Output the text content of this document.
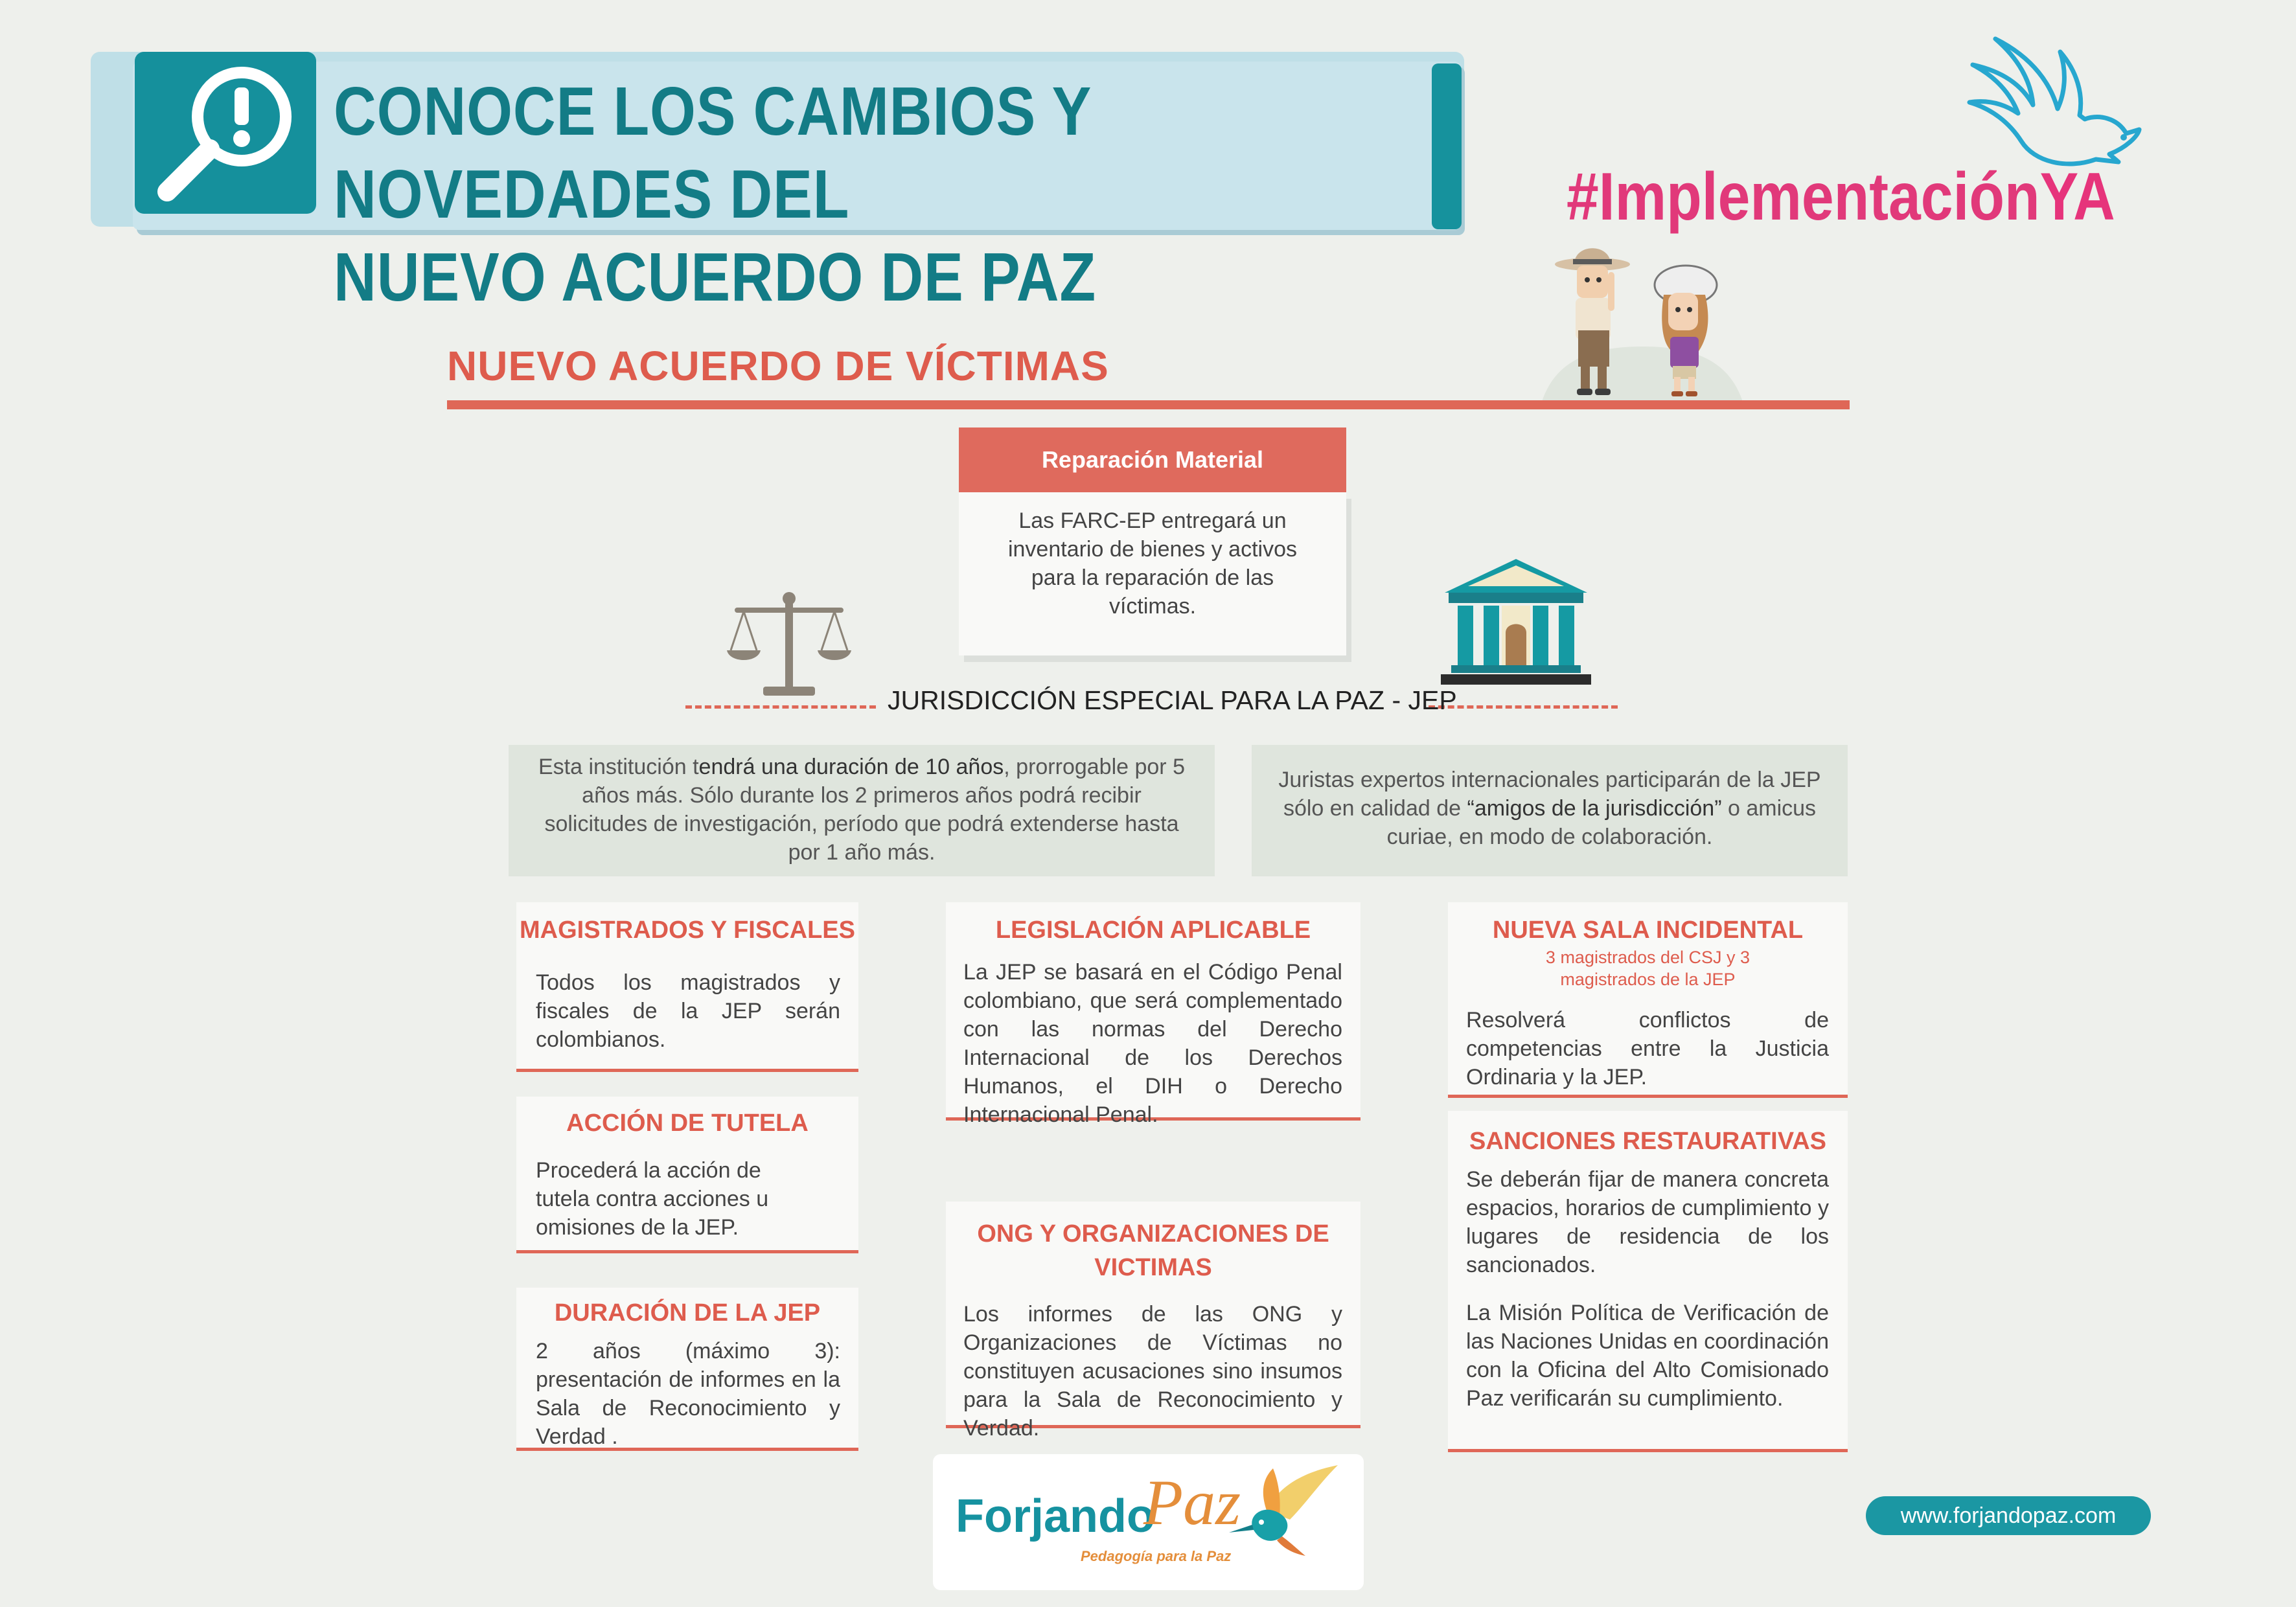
CONOCE LOS CAMBIOS Y NOVEDADES DEL
NUEVO ACUERDO DE PAZ
#ImplementaciónYA
NUEVO ACUERDO DE VÍCTIMAS
Reparación Material
Las FARC-EP entregará un inventario de bienes y activos para la reparación de las víctimas.
JURISDICCIÓN ESPECIAL PARA LA PAZ - JEP
Esta institución tendrá una duración de 10 años, prorrogable por 5 años más. Sólo durante los 2 primeros años podrá recibir solicitudes de investigación, período que podrá extenderse hasta por 1 año más.
Juristas expertos internacionales participarán de la JEP sólo en calidad de “amigos de la jurisdicción” o amicus curiae, en modo de colaboración.
MAGISTRADOS Y FISCALES
Todos los magistrados y fiscales de la JEP serán colombianos.
ACCIÓN DE TUTELA
Procederá la acción de tutela contra acciones u omisiones de la JEP.
DURACIÓN DE LA JEP
2 años (máximo 3): presentación de informes en la Sala de Reconocimiento y Verdad .
LEGISLACIÓN APLICABLE
La JEP se basará en el Código Penal colombiano, que será complementado con las normas del Derecho Internacional de los Derechos Humanos, el DIH o Derecho Internacional Penal.
ONG Y ORGANIZACIONES DE VICTIMAS
Los informes de las ONG y Organizaciones de Víctimas no constituyen acusaciones sino insumos para la Sala de Reconocimiento y Verdad.
NUEVA SALA INCIDENTAL
3 magistrados del CSJ y 3 magistrados de la JEP
Resolverá conflictos de competencias entre la Justicia Ordinaria y la JEP.
SANCIONES RESTAURATIVAS
Se deberán fijar de manera concreta espacios, horarios de cumplimiento y lugares de residencia de los sancionados.
La Misión Política de Verificación de las Naciones Unidas en coordinación con la Oficina del Alto Comisionado Paz verificarán su cumplimiento.
Forjando
Paz
Pedagogía para la Paz
www.forjandopaz.com
